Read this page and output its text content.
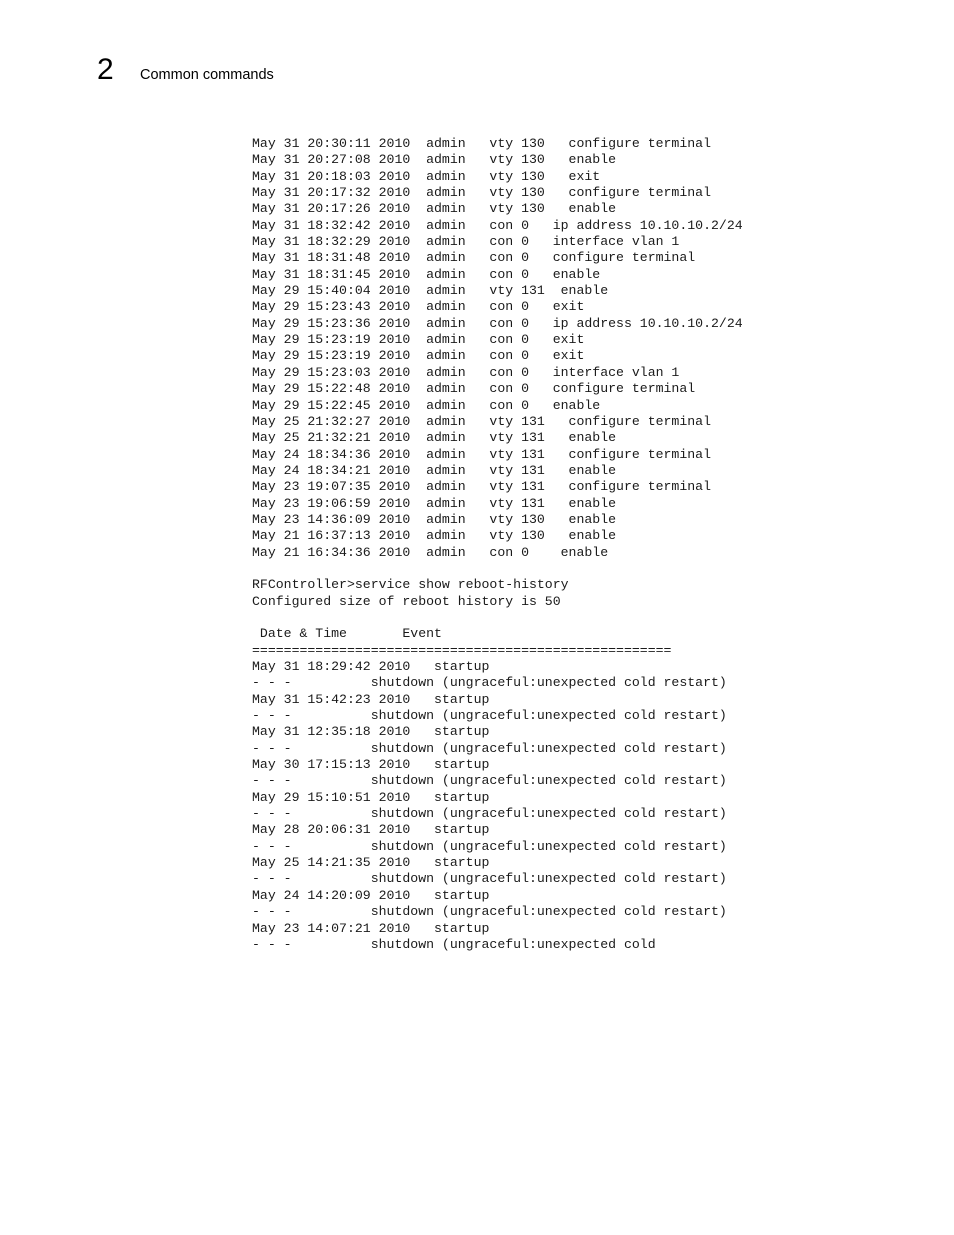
2 Common commands
May 31 20:30:11 2010  admin   vty 130   configure terminal
May 31 20:27:08 2010  admin   vty 130   enable
May 31 20:18:03 2010  admin   vty 130   exit
May 31 20:17:32 2010  admin   vty 130   configure terminal
May 31 20:17:26 2010  admin   vty 130   enable
May 31 18:32:42 2010  admin   con 0   ip address 10.10.10.2/24
May 31 18:32:29 2010  admin   con 0   interface vlan 1
May 31 18:31:48 2010  admin   con 0   configure terminal
May 31 18:31:45 2010  admin   con 0   enable
May 29 15:40:04 2010  admin   vty 131  enable
May 29 15:23:43 2010  admin   con 0   exit
May 29 15:23:36 2010  admin   con 0   ip address 10.10.10.2/24
May 29 15:23:19 2010  admin   con 0   exit
May 29 15:23:19 2010  admin   con 0   exit
May 29 15:23:03 2010  admin   con 0   interface vlan 1
May 29 15:22:48 2010  admin   con 0   configure terminal
May 29 15:22:45 2010  admin   con 0   enable
May 25 21:32:27 2010  admin   vty 131   configure terminal
May 25 21:32:21 2010  admin   vty 131   enable
May 24 18:34:36 2010  admin   vty 131   configure terminal
May 24 18:34:21 2010  admin   vty 131   enable
May 23 19:07:35 2010  admin   vty 131   configure terminal
May 23 19:06:59 2010  admin   vty 131   enable
May 23 14:36:09 2010  admin   vty 130   enable
May 21 16:37:13 2010  admin   vty 130   enable
May 21 16:34:36 2010  admin   con 0    enable
RFController>service show reboot-history
Configured size of reboot history is 50
Date & Time       Event
=====================================================
May 31 18:29:42 2010   startup
- - -          shutdown (ungraceful:unexpected cold restart)
May 31 15:42:23 2010   startup
- - -          shutdown (ungraceful:unexpected cold restart)
May 31 12:35:18 2010   startup
- - -          shutdown (ungraceful:unexpected cold restart)
May 30 17:15:13 2010   startup
- - -          shutdown (ungraceful:unexpected cold restart)
May 29 15:10:51 2010   startup
- - -          shutdown (ungraceful:unexpected cold restart)
May 28 20:06:31 2010   startup
- - -          shutdown (ungraceful:unexpected cold restart)
May 25 14:21:35 2010   startup
- - -          shutdown (ungraceful:unexpected cold restart)
May 24 14:20:09 2010   startup
- - -          shutdown (ungraceful:unexpected cold restart)
May 23 14:07:21 2010   startup
- - -          shutdown (ungraceful:unexpected cold
